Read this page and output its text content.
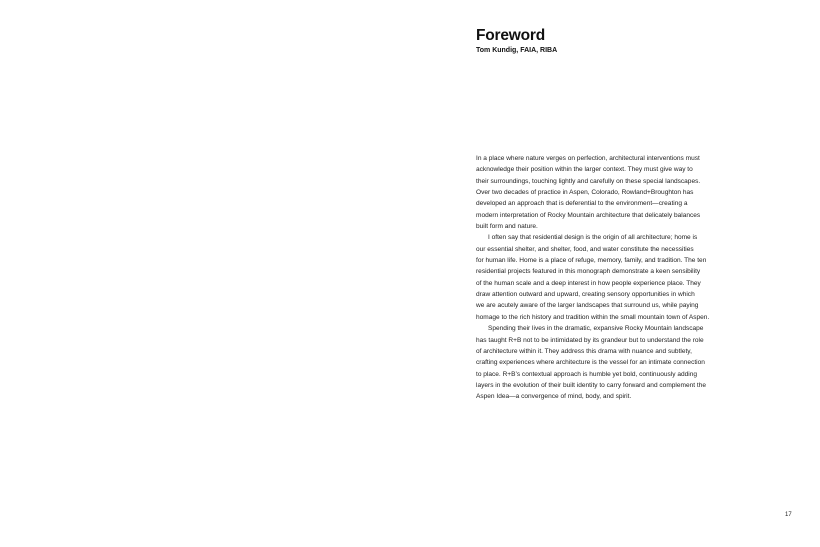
Foreword

Tom Kundig, FAIA, RIBA

In a place where nature verges on perfection, architectural interventions must
acknowledge their position within the larger context. They must give way to
their surroundings, touching lightly and carefully on these special landscapes.
Over two decades of practice in Aspen, Colorado, Rowland+Broughton has
developed an approach that is deferential to the environment—creating a
modern interpretation of Rocky Mountain architecture that delicately balances
built form and nature.
I often say that residential design is the origin of all architecture; home is
our essential shelter, and shelter, food, and water constitute the necessities
for human life. Home is a place of refuge, memory, family, and tradition. The ten
residential projects featured in this monograph demonstrate a keen sensibility
of the human scale and a deep interest in how people experience place. They
draw attention outward and upward, creating sensory opportunities in which
we are acutely aware of the larger landscapes that surround us, while paying
homage to the rich history and tradition within the small mountain town of Aspen.
Spending their lives in the dramatic, expansive Rocky Mountain landscape
has taught R+B not to be intimidated by its grandeur but to understand the role
of architecture within it. They address this drama with nuance and subtlety,
crafting experiences where architecture is the vessel for an intimate connection
to place. R+B’s contextual approach is humble yet bold, continuously adding
layers in the evolution of their built identity to carry forward and complement the
Aspen Idea—a convergence of mind, body, and spirit.
17
